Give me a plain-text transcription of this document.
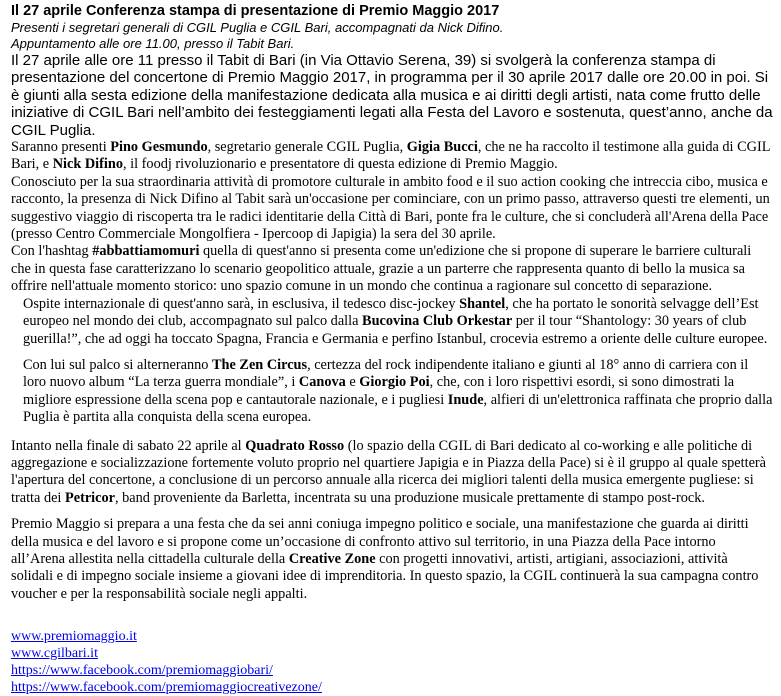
Il 27 aprile Conferenza stampa di presentazione di Premio Maggio 2017

Presenti i segretari generali di CGIL Puglia e CGIL Bari, accompagnati da Nick Difino.

Appuntamento alle ore 11.00, presso il Tabit Bari.

Il 27 aprile alle ore 11 presso il Tabit di Bari (in Via Ottavio Serena, 39) si svolgerà la conferenza stampa di presentazione del concertone di Premio Maggio 2017, in programma per il 30 aprile 2017 dalle ore 20.00 in poi. Si è giunti alla sesta edizione della manifestazione dedicata alla musica e ai diritti degli artisti, nata come frutto delle iniziative di CGIL Bari nell’ambito dei festeggiamenti legati alla Festa del Lavoro e sostenuta, quest’anno, anche da CGIL Puglia.

Saranno presenti Pino Gesmundo, segretario generale CGIL Puglia, Gigia Bucci, che ne ha raccolto il testimone alla guida di CGIL Bari, e Nick Difino, il foodj rivoluzionario e presentatore di questa edizione di Premio Maggio.

Conosciuto per la sua straordinaria attività di promotore culturale in ambito food e il suo action cooking che intreccia cibo, musica e racconto, la presenza di Nick Difino al Tabit sarà un'occasione per cominciare, con un primo passo, attraverso questi tre elementi, un suggestivo viaggio di riscoperta tra le radici identitarie della Città di Bari, ponte fra le culture, che si concluderà all'Arena della Pace (presso Centro Commerciale Mongolfiera - Ipercoop di Japigia) la sera del 30 aprile.

Con l'hashtag #abbattiamomuri quella di quest'anno si presenta come un'edizione che si propone di superare le barriere culturali che in questa fase caratterizzano lo scenario geopolitico attuale, grazie a un parterre che rappresenta quanto di bello la musica sa offrire nell'attuale momento storico: uno spazio comune in un mondo che continua a ragionare sul concetto di separazione.

Ospite internazionale di quest'anno sarà, in esclusiva, il tedesco disc-jockey Shantel, che ha portato le sonorità selvagge dell’Est europeo nel mondo dei club, accompagnato sul palco dalla Bucovina Club Orkestar per il tour “Shantology: 30 years of club guerilla!”, che ad oggi ha toccato Spagna, Francia e Germania e perfino Istanbul, crocevia estremo a oriente delle culture europee.

Con lui sul palco si alterneranno The Zen Circus, certezza del rock indipendente italiano e giunti al 18° anno di carriera con il loro nuovo album “La terza guerra mondiale”, i Canova e Giorgio Poi, che, con i loro rispettivi esordi, si sono dimostrati la migliore espressione della scena pop e cantautorale nazionale, e i pugliesi Inude, alfieri di un'elettronica raffinata che proprio dalla Puglia è partita alla conquista della scena europea.

Intanto nella finale di sabato 22 aprile al Quadrato Rosso (lo spazio della CGIL di Bari dedicato al co-working e alle politiche di aggregazione e socializzazione fortemente voluto proprio nel quartiere Japigia e in Piazza della Pace) si è il gruppo al quale spetterà l'apertura del concertone, a conclusione di un percorso annuale alla ricerca dei migliori talenti della musica emergente pugliese: si tratta dei Petricor, band proveniente da Barletta, incentrata su una produzione musicale prettamente di stampo post-rock.

Premio Maggio si prepara a una festa che da sei anni coniuga impegno politico e sociale, una manifestazione che guarda ai diritti della musica e del lavoro e si propone come un’occasione di confronto attivo sul territorio, in una Piazza della Pace intorno all’Arena allestita nella cittadella culturale della Creative Zone con progetti innovativi, artisti, artigiani, associazioni, attività solidali e di impegno sociale insieme a giovani idee di imprenditoria. In questo spazio, la CGIL continuerà la sua campagna contro voucher e per la responsabilità sociale negli appalti.

www.premiomaggio.it
www.cgilbari.it
https://www.facebook.com/premiomaggiobari/
https://www.facebook.com/premiomaggiocreativezone/
